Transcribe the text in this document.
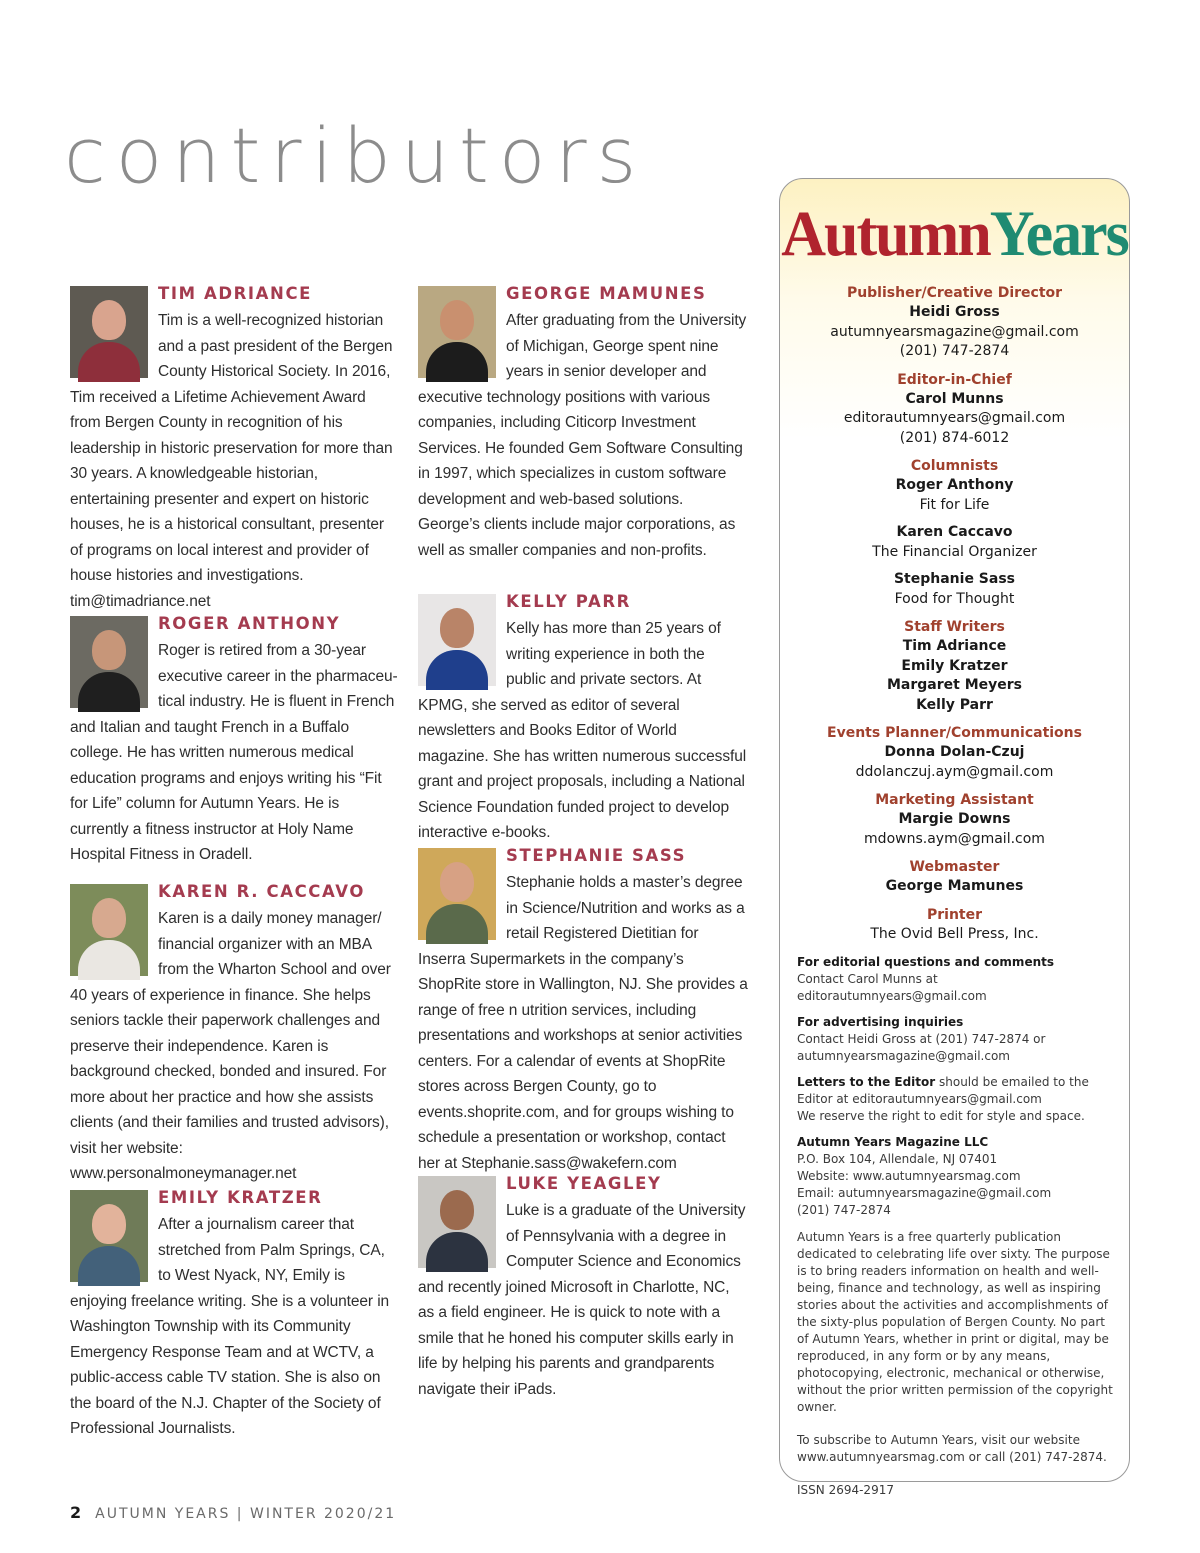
contributors

TIM ADRIANCE

Tim is a well-recognized historian and a past president of the Bergen County Historical Society. In 2016, Tim received a Lifetime Achievement Award from Bergen County in recognition of his leadership in historic preservation for more than 30 years. A knowledgeable historian, entertaining presenter and expert on historic houses, he is a historical consultant, presenter of programs on local interest and provider of house histories and investigations. tim@timadriance.net

ROGER ANTHONY

Roger is retired from a 30-year executive career in the pharmaceutical industry. He is fluent in French and Italian and taught French in a Buffalo college. He has written numerous medical education programs and enjoys writing his “Fit for Life” column for Autumn Years. He is currently a fitness instructor at Holy Name Hospital Fitness in Oradell.

KAREN R. CACCAVO

Karen is a daily money manager/ financial organizer with an MBA from the Wharton School and over 40 years of experience in finance. She helps seniors tackle their paperwork challenges and preserve their independence. Karen is background checked, bonded and insured. For more about her practice and how she assists clients (and their families and trusted advisors), visit her website: www.personalmoneymanager.net

EMILY KRATZER

After a journalism career that stretched from Palm Springs, CA, to West Nyack, NY, Emily is enjoying freelance writing. She is a volunteer in Washington Township with its Community Emergency Response Team and at WCTV, a public-access cable TV station. She is also on the board of the N.J. Chapter of the Society of Professional Journalists.

GEORGE MAMUNES

After graduating from the University of Michigan, George spent nine years in senior developer and executive technology positions with various companies, including Citicorp Investment Services. He founded Gem Software Consulting in 1997, which specializes in custom software development and web-based solutions. George’s clients include major corporations, as well as smaller companies and non-profits.

KELLY PARR

Kelly has more than 25 years of writing experience in both the public and private sectors. At KPMG, she served as editor of several newsletters and Books Editor of World magazine. She has written numerous successful grant and project proposals, including a National Science Foundation funded project to develop interactive e-books.

STEPHANIE SASS

Stephanie holds a master’s degree in Science/Nutrition and works as a retail Registered Dietitian for Inserra Supermarkets in the company’s ShopRite store in Wallington, NJ. She provides a range of free n utrition services, including presentations and workshops at senior activities centers. For a calendar of events at ShopRite stores across Bergen County, go to events.shoprite.com, and for groups wishing to schedule a presentation or workshop, contact her at Stephanie.sass@wakefern.com

LUKE YEAGLEY

Luke is a graduate of the University of Pennsylvania with a degree in Computer Science and Economics and recently joined Microsoft in Charlotte, NC, as a field engineer. He is quick to note with a smile that he honed his computer skills early in life by helping his parents and grandparents navigate their iPads.

AutumnYears
Publisher/Creative Director
Heidi Gross
autumnyearsmagazine@gmail.com
(201) 747-2874
Editor-in-Chief
Carol Munns
editorautumnyears@gmail.com
(201) 874-6012
Columnists
Roger Anthony
Fit for Life
Karen Caccavo
The Financial Organizer
Stephanie Sass
Food for Thought
Staff Writers
Tim Adriance
Emily Kratzer
Margaret Meyers
Kelly Parr
Events Planner/Communications
Donna Dolan-Czuj
ddolanczuj.aym@gmail.com
Marketing Assistant
Margie Downs
mdowns.aym@gmail.com
Webmaster
George Mamunes
Printer
The Ovid Bell Press, Inc.
For editorial questions and comments
Contact Carol Munns at editorautumnyears@gmail.com
For advertising inquiries
Contact Heidi Gross at (201) 747-2874 or
autumnyearsmagazine@gmail.com
Letters to the Editor should be emailed to the
Editor at editorautumnyears@gmail.com
We reserve the right to edit for style and space.
Autumn Years Magazine LLC
P.O. Box 104, Allendale, NJ 07401
Website: www.autumnyearsmag.com
Email: autumnyearsmagazine@gmail.com
(201) 747-2874

Autumn Years is a free quarterly publication dedicated to celebrating life over sixty. The purpose is to bring readers information on health and well-being, finance and technology, as well as inspiring stories about the activities and accomplishments of the sixty-plus population of Bergen County. No part of Autumn Years, whether in print or digital, may be reproduced, in any form or by any means, photocopying, electronic, mechanical or otherwise, without the prior written permission of the copyright owner.

To subscribe to Autumn Years, visit our website www.autumnyearsmag.com or call (201) 747-2874.

ISSN 2694-2917

2 AUTUMN YEARS | WINTER 2020/21
